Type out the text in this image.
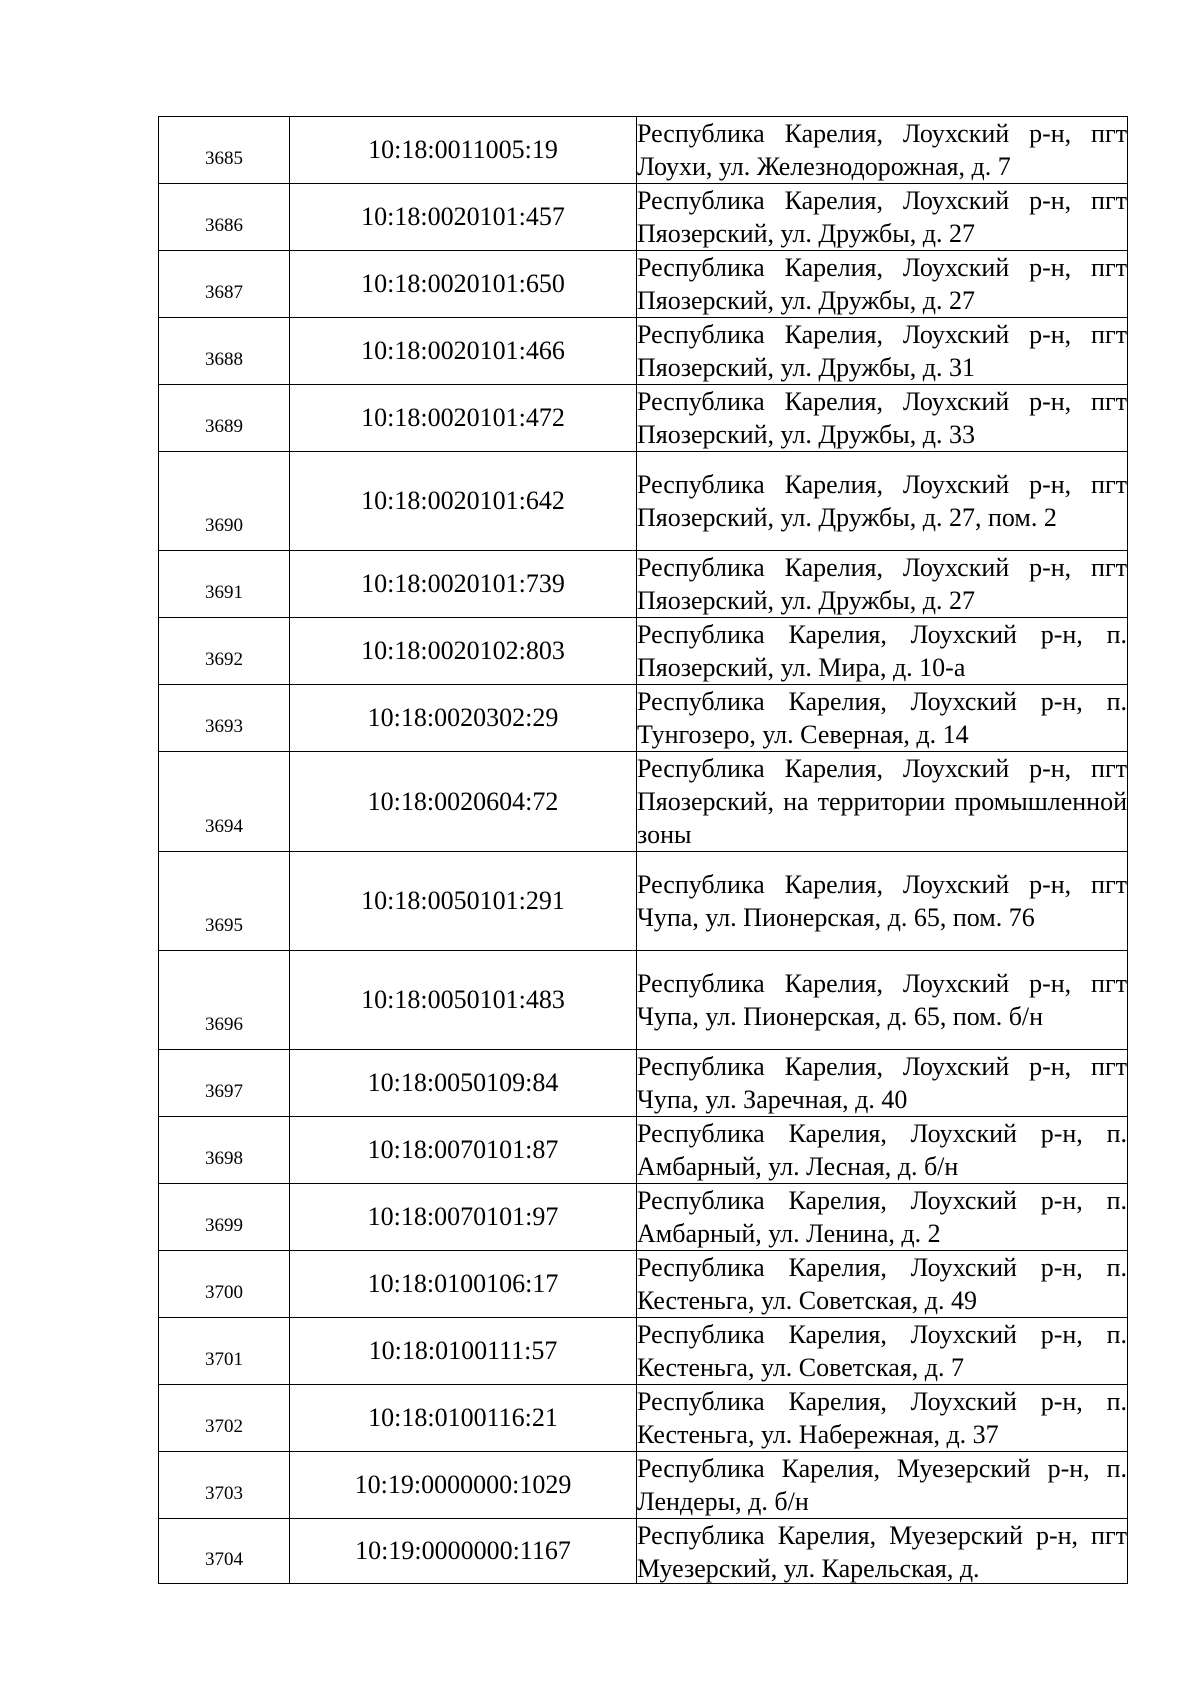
3685	10:18:0011005:19	Республика Карелия, Лоухский р-н, пгт Лоухи, ул. Железнодорожная, д. 7

3686	10:18:0020101:457	Республика Карелия, Лоухский р-н, пгт Пяозерский, ул. Дружбы, д. 27

3687	10:18:0020101:650	Республика Карелия, Лоухский р-н, пгт Пяозерский, ул. Дружбы, д. 27

3688	10:18:0020101:466	Республика Карелия, Лоухский р-н, пгт Пяозерский, ул. Дружбы, д. 31

3689	10:18:0020101:472	Республика Карелия, Лоухский р-н, пгт Пяозерский, ул. Дружбы, д. 33

3690	10:18:0020101:642	Республика Карелия, Лоухский р-н, пгт Пяозерский, ул. Дружбы, д. 27, пом. 2

3691	10:18:0020101:739	Республика Карелия, Лоухский р-н, пгт Пяозерский, ул. Дружбы, д. 27

3692	10:18:0020102:803	Республика Карелия, Лоухский р-н, п. Пяозерский, ул. Мира, д. 10-а

3693	10:18:0020302:29	Республика Карелия, Лоухский р-н, п. Тунгозеро, ул. Северная, д. 14

3694	10:18:0020604:72	Республика Карелия, Лоухский р-н, пгт Пяозерский, на территории промышленной зоны

3695	10:18:0050101:291	Республика Карелия, Лоухский р-н, пгт Чупа, ул. Пионерская, д. 65, пом. 76

3696	10:18:0050101:483	Республика Карелия, Лоухский р-н, пгт Чупа, ул. Пионерская, д. 65, пом. б/н

3697	10:18:0050109:84	Республика Карелия, Лоухский р-н, пгт Чупа, ул. Заречная, д. 40

3698	10:18:0070101:87	Республика Карелия, Лоухский р-н, п. Амбарный, ул. Лесная, д. б/н

3699	10:18:0070101:97	Республика Карелия, Лоухский р-н, п. Амбарный, ул. Ленина, д. 2

3700	10:18:0100106:17	Республика Карелия, Лоухский р-н, п. Кестеньга, ул. Советская, д. 49

3701	10:18:0100111:57	Республика Карелия, Лоухский р-н, п. Кестеньга, ул. Советская, д. 7

3702	10:18:0100116:21	Республика Карелия, Лоухский р-н, п. Кестеньга, ул. Набережная, д. 37

3703	10:19:0000000:1029	Республика Карелия, Муезерский р-н, п. Лендеры, д. б/н

3704	10:19:0000000:1167	Республика Карелия, Муезерский р-н, пгт Муезерский, ул. Карельская, д.
